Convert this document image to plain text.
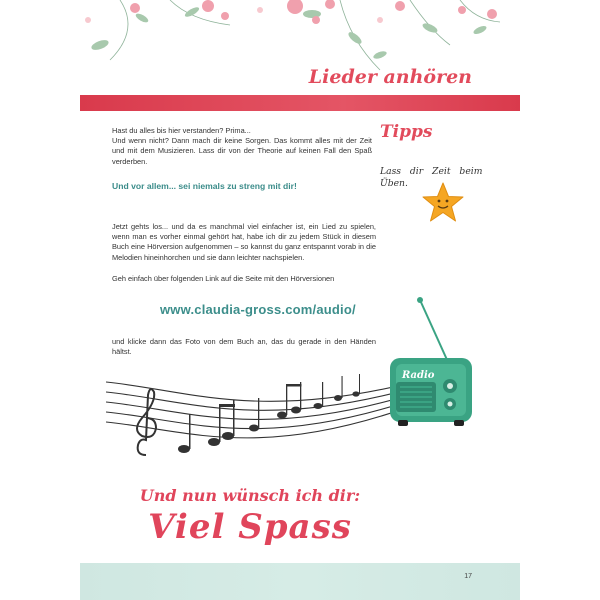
Lieder anhören
Hast du alles bis hier verstanden? Prima...
Und wenn nicht? Dann mach dir keine Sorgen. Das kommt alles mit der Zeit und mit dem Musizieren. Lass dir von der Theorie auf keinen Fall den Spaß verderben.
Und vor allem... sei niemals zu streng mit dir!
Jetzt gehts los... und da es manchmal viel einfacher ist, ein Lied zu spielen, wenn man es vorher einmal gehört hat, habe ich dir zu jedem Stück in diesem Buch eine Hörversion aufgenommen – so kannst du ganz entspannt vorab in die Melodien hineinhorchen und sie dann leichter nachspielen.
Geh einfach über folgenden Link auf die Seite mit den Hörversionen
www.claudia-gross.com/audio/
und klicke dann das Foto von dem Buch an, das du gerade in den Händen hältst.
Tipps
Lass dir Zeit beim Üben.
Radio
Und nun wünsch ich dir:
Viel Spass
17
